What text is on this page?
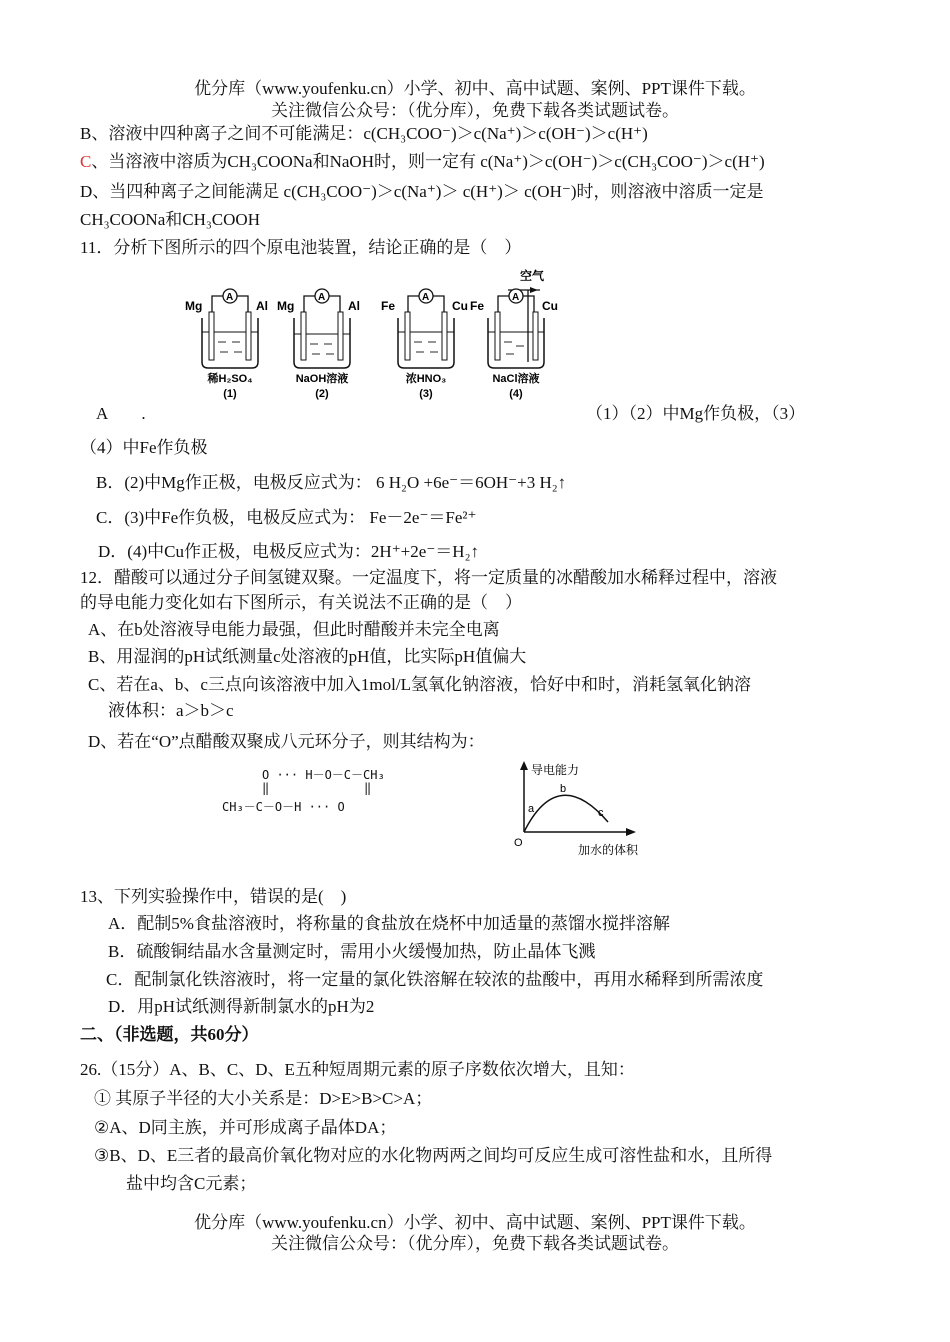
优分库（www.youfenku.cn）小学、初中、高中试题、案例、PPT课件下载。
关注微信公众号：（优分库），免费下载各类试题试卷。
B、溶液中四种离子之间不可能满足：c(CH₃COO⁻)＞c(Na⁺)＞c(OH⁻)＞c(H⁺)
C、当溶液中溶质为CH₃COONa和NaOH时，则一定有 c(Na⁺)＞c(OH⁻)＞c(CH₃COO⁻)＞c(H⁺)
D、当四种离子之间能满足 c(CH₃COO⁻)＞c(Na⁺)＞ c(H⁺)＞ c(OH⁻)时，则溶液中溶质一定是
CH₃COONa和CH₃COOH
11．分析下图所示的四个原电池装置，结论正确的是（　）
空气
Mg	Al
A
稀H₂SO₄
(1)
Mg	Al
A
NaOH溶液
(2)
Fe	Cu
A
浓HNO₃
(3)
Fe	Cu
A
NaCl溶液
(4)
A　　.	（1）（2）中Mg作负极，（3）
（4）中Fe作负极
B．(2)中Mg作正极，电极反应式为： 6 H₂O +6e⁻＝6OH⁻+3 H₂↑
C．(3)中Fe作负极，电极反应式为： Fe－2e⁻＝Fe²⁺
D．(4)中Cu作正极，电极反应式为：2H⁺+2e⁻＝H₂↑
12．醋酸可以通过分子间氢键双聚。一定温度下，将一定质量的冰醋酸加水稀释过程中，溶液
的导电能力变化如右下图所示，有关说法不正确的是（　）
A、在b处溶液导电能力最强，但此时醋酸并未完全电离
B、用湿润的pH试纸测量c处溶液的pH值，比实际pH值偏大
C、若在a、b、c三点向该溶液中加入1mol/L氢氧化钠溶液，恰好中和时，消耗氢氧化钠溶
液体积：a＞b＞c
D、若在“O”点醋酸双聚成八元环分子，则其结构为：
O ··· H－O－C－CH₃
‖	‖
CH₃－C－O－H ··· O
导电能力
O	加水的体积
a
b
c
13、下列实验操作中，错误的是(　)
A．配制5%食盐溶液时，将称量的食盐放在烧杯中加适量的蒸馏水搅拌溶解
B．硫酸铜结晶水含量测定时，需用小火缓慢加热，防止晶体飞溅
C．配制氯化铁溶液时，将一定量的氯化铁溶解在较浓的盐酸中，再用水稀释到所需浓度
D．用pH试纸测得新制氯水的pH为2
二、（非选题，共60分）
26.（15分）A、B、C、D、E五种短周期元素的原子序数依次增大，且知：
① 其原子半径的大小关系是：D>E>B>C>A；
②A、D同主族，并可形成离子晶体DA；
③B、D、E三者的最高价氧化物对应的水化物两两之间均可反应生成可溶性盐和水，且所得
盐中均含C元素；
优分库（www.youfenku.cn）小学、初中、高中试题、案例、PPT课件下载。
关注微信公众号：（优分库），免费下载各类试题试卷。
